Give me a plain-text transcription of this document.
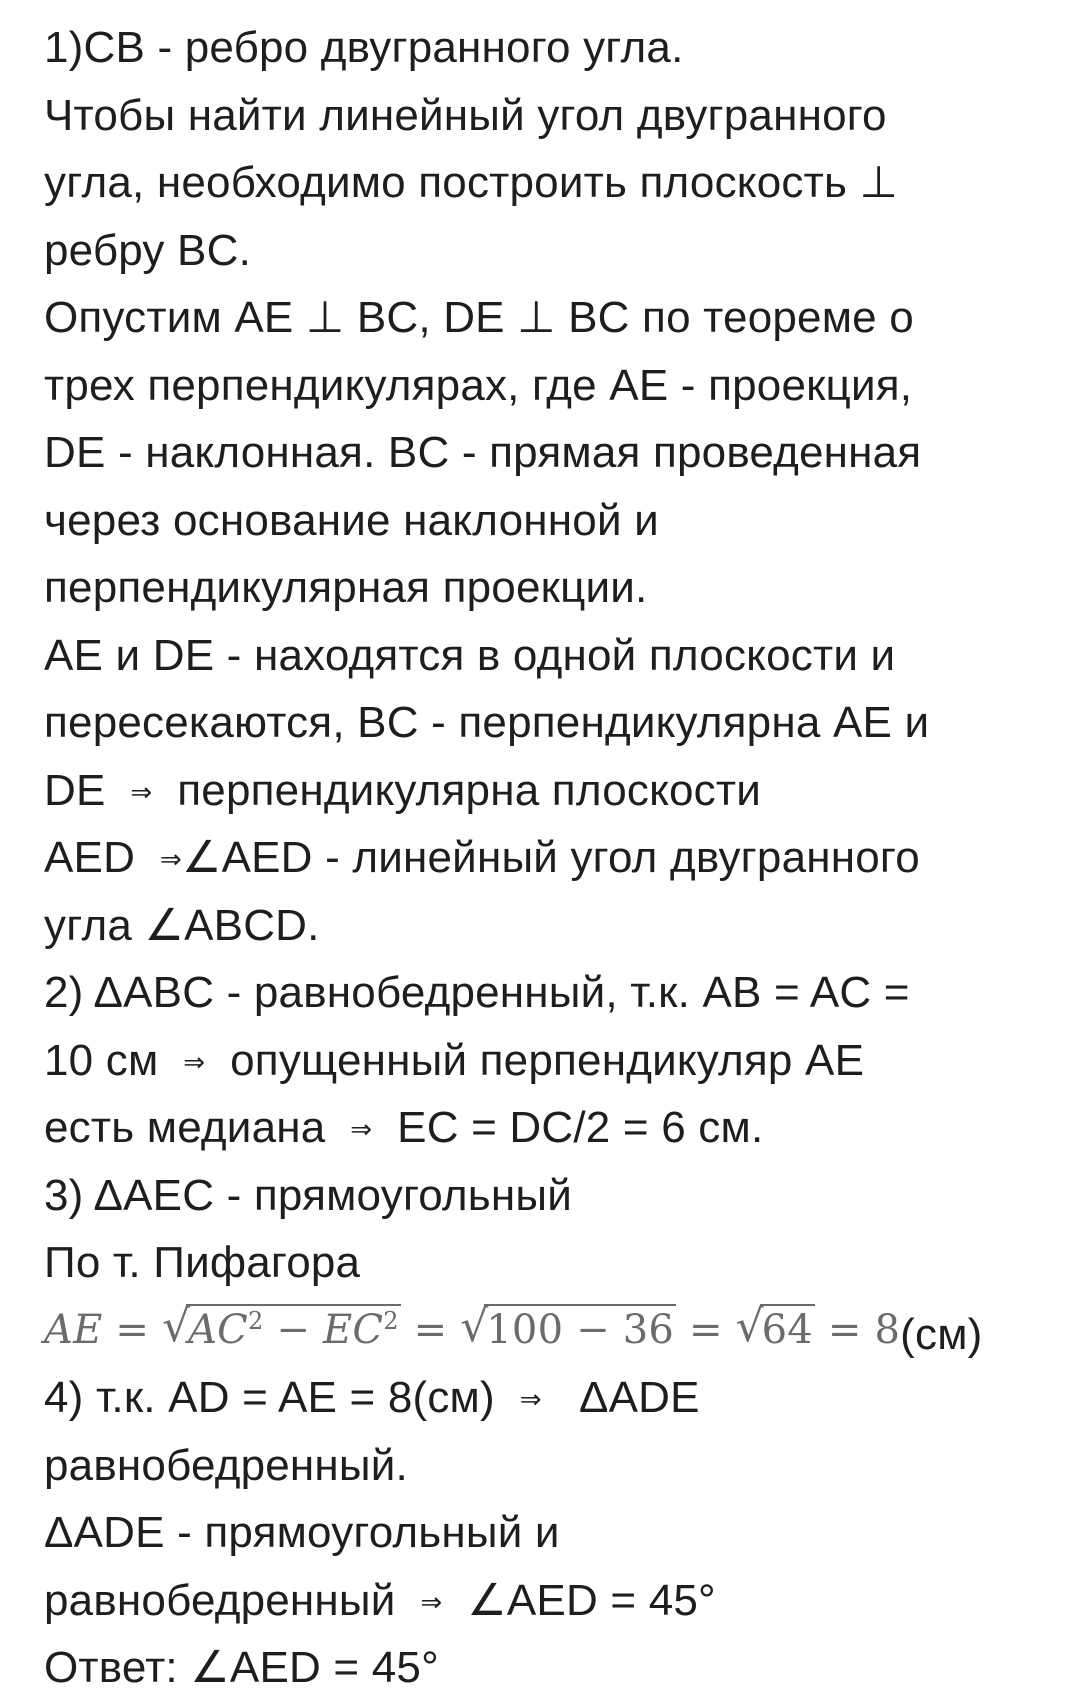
1)CB - ребро двугранного угла.
Чтобы найти линейный угол двугранного
угла, необходимо построить плоскость ⊥
ребру BC.
Опустим AE ⊥ BC, DE ⊥ BC по теореме о
трех перпендикулярах, где AE - проекция,
DE - наклонная. BC - прямая проведенная
через основание наклонной и
перпендикулярная проекции.
AE и DE - находятся в одной плоскости и
пересекаются, BC - перпендикулярна AE и
DE ⇒ перпендикулярна плоскости
AED ⇒∠AED - линейный угол двугранного
угла ∠ABCD.
2) ΔABC - равнобедренный, т.к. AB = AC =
10 см ⇒ опущенный перпендикуляр AE
есть медиана ⇒ EC = DC/2 = 6 см.
3) ΔAEC - прямоугольный
По т. Пифагора
AE = √
$AC^2 - EC^2$ = √
100 − 36 = √
64 = 8(см)
4) т.к. AD = AE = 8(см) ⇒ ΔADE
равнобедренный.
ΔADE - прямоугольный и
равнобедренный ⇒ ∠AED = 45°
Ответ: ∠AED = 45°
